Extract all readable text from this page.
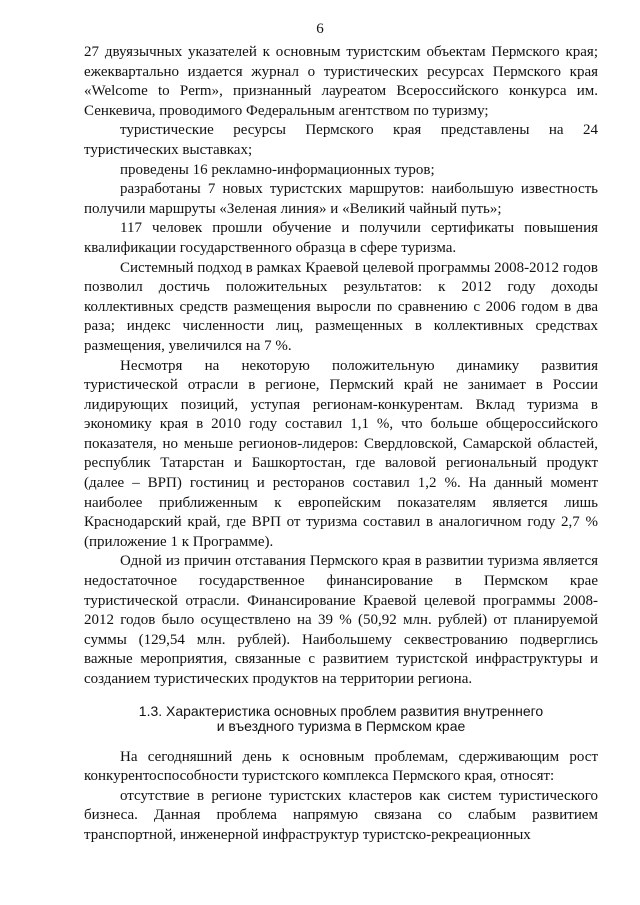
6

27 двуязычных указателей к основным туристским объектам Пермского края; ежеквартально издается журнал о туристических ресурсах Пермского края «Welcome to Perm», признанный лауреатом Всероссийского конкурса им. Сенкевича, проводимого Федеральным агентством по туризму;

туристические ресурсы Пермского края представлены на 24 туристических выставках;

проведены 16 рекламно-информационных туров;

разработаны 7 новых туристских маршрутов: наибольшую известность получили маршруты «Зеленая линия» и «Великий чайный путь»;

117 человек прошли обучение и получили сертификаты повышения квалификации государственного образца в сфере туризма.

Системный подход в рамках Краевой целевой программы 2008-2012 годов позволил достичь положительных результатов: к 2012 году доходы коллективных средств размещения выросли по сравнению с 2006 годом в два раза; индекс численности лиц, размещенных в коллективных средствах размещения, увеличился на 7 %.

Несмотря на некоторую положительную динамику развития туристической отрасли в регионе, Пермский край не занимает в России лидирующих позиций, уступая регионам-конкурентам. Вклад туризма в экономику края в 2010 году составил 1,1 %, что больше общероссийского показателя, но меньше регионов-лидеров: Свердловской, Самарской областей, республик Татарстан и Башкортостан, где валовой региональный продукт (далее – ВРП) гостиниц и ресторанов составил 1,2 %. На данный момент наиболее приближенным к европейским показателям является лишь Краснодарский край, где ВРП от туризма составил в аналогичном году 2,7 % (приложение 1 к Программе).

Одной из причин отставания Пермского края в развитии туризма является недостаточное государственное финансирование в Пермском крае туристической отрасли. Финансирование Краевой целевой программы 2008-2012 годов было осуществлено на 39 % (50,92 млн. рублей) от планируемой суммы (129,54 млн. рублей). Наибольшему секвестрованию подверглись важные мероприятия, связанные с развитием туристской инфраструктуры и созданием туристических продуктов на территории региона.

1.3. Характеристика основных проблем развития внутреннего
и въездного туризма в Пермском крае

На сегодняшний день к основным проблемам, сдерживающим рост конкурентоспособности туристского комплекса Пермского края, относят:

отсутствие в регионе туристских кластеров как систем туристического бизнеса. Данная проблема напрямую связана со слабым развитием транспортной, инженерной инфраструктур туристско-рекреационных
